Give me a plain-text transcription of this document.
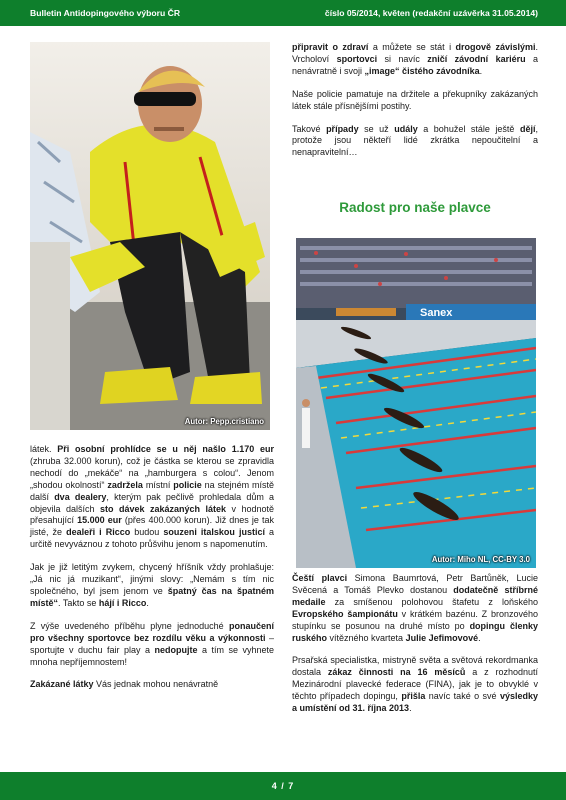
Bulletin Antidopingového výboru ČR	číslo 05/2014, květen (redakční uzávěrka 31.05.2014)
Autor: Pepp.cristiano

připravit o zdraví a můžete se stát i drogově závislými. Vrcholoví sportovci si navíc zničí závodní kariéru a nenávratně i svoji „image“ čistého závodníka.

Naše policie pamatuje na držitele a překupníky zakázaných látek stále přísnějšími postihy.

Takové případy se už udály a bohužel stále ještě dějí, protože jsou někteří lidé zkrátka nepoučitelní a nenapravitelní…

Radost pro naše plavce
Sanex
Autor: Miho NL, CC-BY 3.0

látek. Při osobní prohlídce se u něj našlo 1.170 eur (zhruba 32.000 korun), což je částka se kterou se zpravidla nechodí do „mekáče“ na „hamburgera s colou“. Jenom „shodou okolností“ zadržela místní policie na stejném místě další dva dealery, kterým pak pečlivě prohledala dům a objevila dalších sto dávek zakázaných látek v hodnotě přesahující 15.000 eur (přes 400.000 korun). Již dnes je tak jisté, že dealeři i Ricco budou souzeni italskou justicí a určitě nevyváznou z tohoto průšvihu jenom s napomenutím.

Jak je již letitým zvykem, chycený hříšník vždy prohlašuje: „Já nic já muzikant“, jinými slovy: „Nemám s tím nic společného, byl jsem jenom ve špatný čas na špatném místě“. Takto se hájí i Ricco.

Z výše uvedeného příběhu plyne jednoduché ponaučení pro všechny sportovce bez rozdílu věku a výkonnosti – sportujte v duchu fair play a nedopujte a tím se vyhnete mnoha nepříjemnostem!

Zakázané látky Vás jednak mohou nenávratně

Čeští plavci Simona Baumrtová, Petr Bartůněk, Lucie Svěcená a Tomáš Plevko dostanou dodatečně stříbrné medaile za smíšenou polohovou štafetu z loňského Evropského šampionátu v krátkém bazénu. Z bronzového stupínku se posunou na druhé místo po dopingu členky ruského vítězného kvarteta Julie Jefimovové.

Prsařská specialistka, mistryně světa a světová rekordmanka dostala zákaz činnosti na 16 měsíců a z rozhodnutí Mezinárodní plavecké federace (FINA), jak je to obvyklé v těchto případech dopingu, přišla navíc také o své výsledky a umístění od 31. října 2013.

4 / 7
